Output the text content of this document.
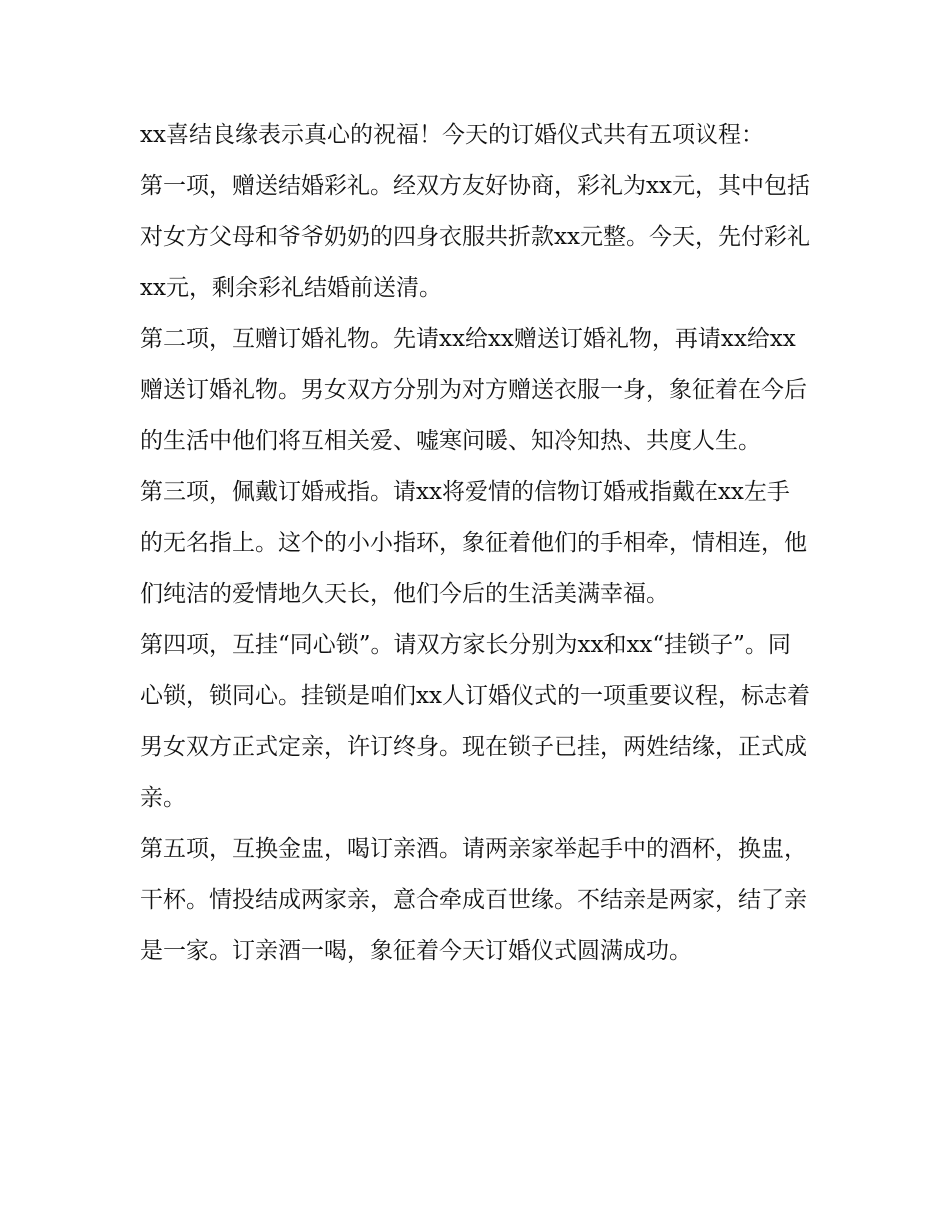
xx喜结良缘表示真心的祝福！今天的订婚仪式共有五项议程：

第一项，赠送结婚彩礼。经双方友好协商，彩礼为xx元，其中包括对女方父母和爷爷奶奶的四身衣服共折款xx元整。今天，先付彩礼xx元，剩余彩礼结婚前送清。

第二项，互赠订婚礼物。先请xx给xx赠送订婚礼物，再请xx给xx赠送订婚礼物。男女双方分别为对方赠送衣服一身，象征着在今后的生活中他们将互相关爱、嘘寒问暖、知冷知热、共度人生。

第三项，佩戴订婚戒指。请xx将爱情的信物订婚戒指戴在xx左手的无名指上。这个的小小指环，象征着他们的手相牵，情相连，他们纯洁的爱情地久天长，他们今后的生活美满幸福。

第四项，互挂“同心锁”。请双方家长分别为xx和xx“挂锁子”。同心锁，锁同心。挂锁是咱们xx人订婚仪式的一项重要议程，标志着男女双方正式定亲，许订终身。现在锁子已挂，两姓结缘，正式成亲。

第五项，互换金盅，喝订亲酒。请两亲家举起手中的酒杯，换盅，干杯。情投结成两家亲，意合牵成百世缘。不结亲是两家，结了亲是一家。订亲酒一喝，象征着今天订婚仪式圆满成功。
